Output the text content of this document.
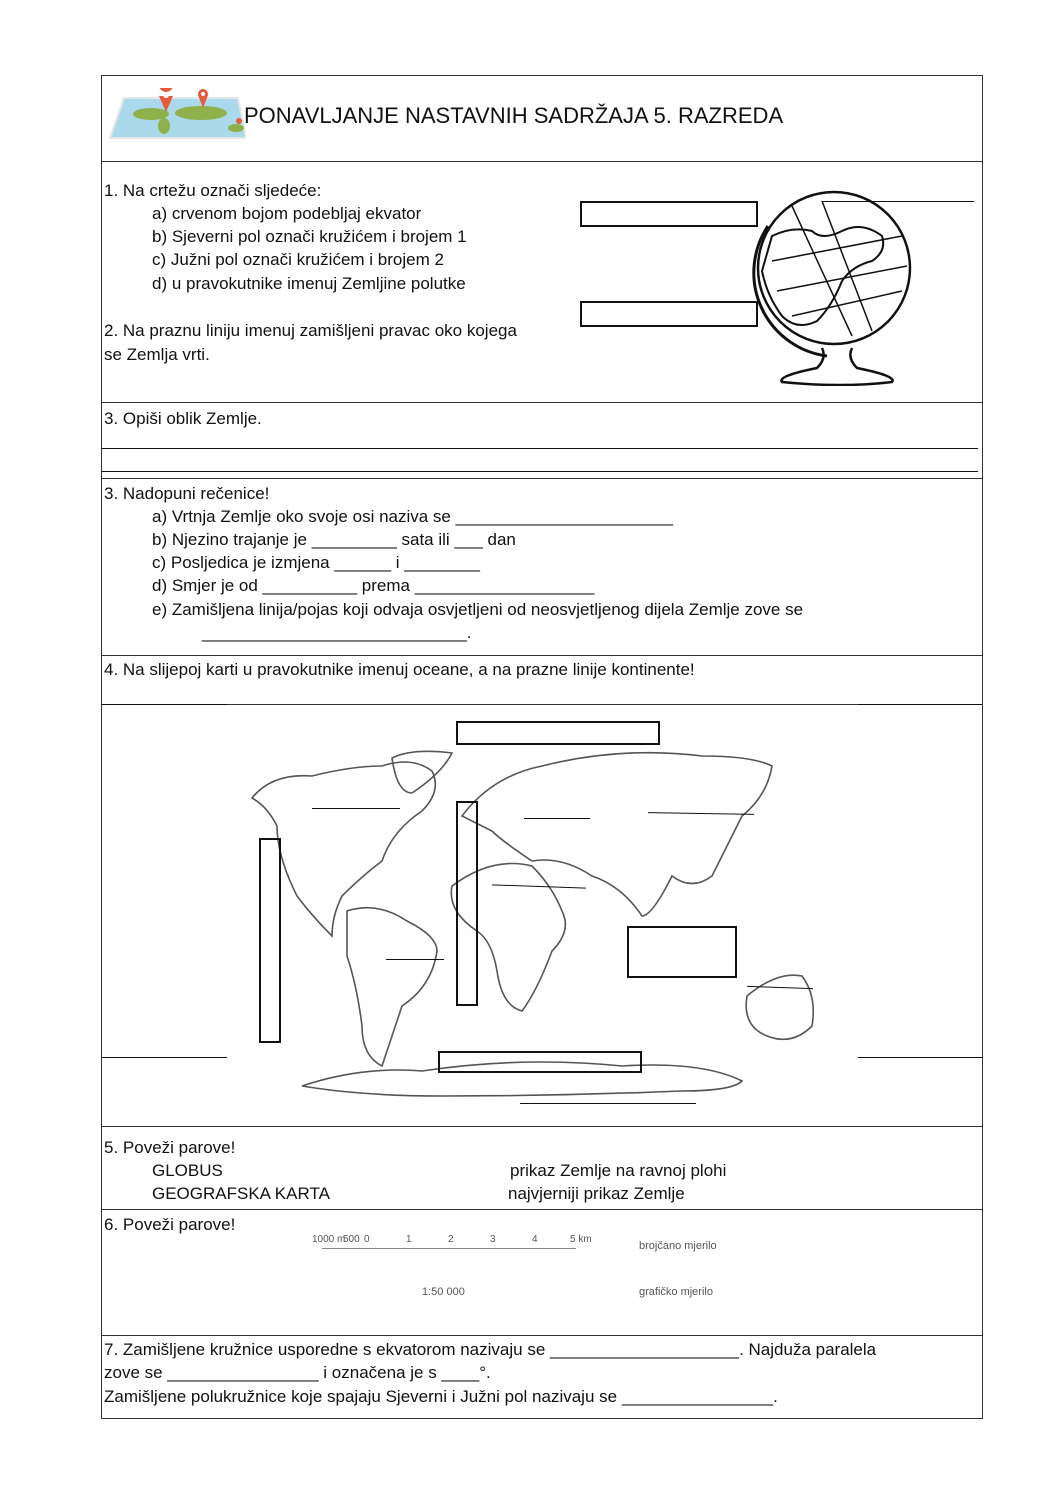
PONAVLJANJE NASTAVNIH SADRŽAJA 5. RAZREDA
1. Na crtežu označi sljedeće:
a) crvenom bojom podebljaj ekvator
b) Sjeverni pol označi kružićem i brojem 1
c) Južni pol označi kružićem i brojem 2
d) u pravokutnike imenuj Zemljine polutke
2. Na praznu liniju imenuj zamišljeni pravac oko kojega
se Zemlja vrti.
3. Opiši oblik Zemlje.
3. Nadopuni rečenice!
a) Vrtnja Zemlje oko svoje osi naziva se _______________________
b) Njezino trajanje je _________ sata ili ___ dan
c) Posljedica je izmjena ______ i ________
d) Smjer je od __________ prema ___________________
e) Zamišljena linija/pojas koji odvaja osvjetljeni od neosvjetljenog dijela Zemlje zove se
____________________________.
4. Na slijepoj karti u pravokutnike imenuj oceane, a na prazne linije kontinente!
5. Poveži parove!
GLOBUS
GEOGRAFSKA KARTA
prikaz Zemlje na ravnoj plohi
najvjerniji prikaz Zemlje
6. Poveži parove!
1000 m
500 0	1	2	3	4	5 km
1:50 000
brojčano mjerilo
grafičko mjerilo
7. Zamišljene kružnice usporedne s ekvatorom nazivaju se ____________________. Najduža paralela
zove se ________________ i označena je s ____°.
Zamišljene polukružnice koje spajaju Sjeverni i Južni pol nazivaju se ________________.
